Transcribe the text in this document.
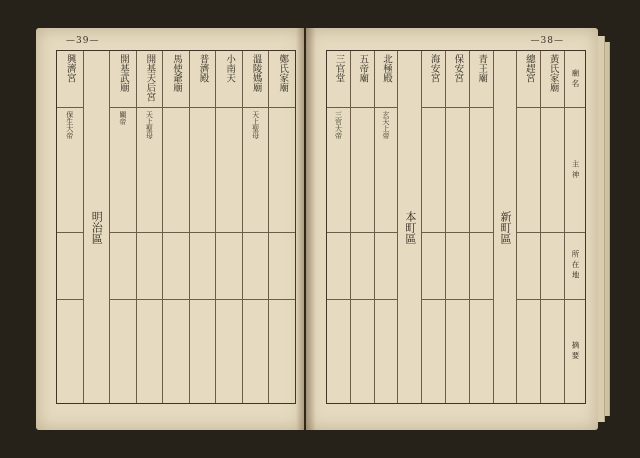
—39—
鄭氏家廟
溫陵媽廟
天上聖母
小南天
普濟殿
馬使爺廟
開基天后宮
天上聖母
開基武廟
關帝
明治區
興濟宮
保生大帝
—38—
廟名
主神
所在地
摘要
黃氏家廟
總趕宮
新町區
青王廟
保安宮
海安宮
本町區
北極殿
玄天上帝
五帝廟
三官堂
三官大帝
